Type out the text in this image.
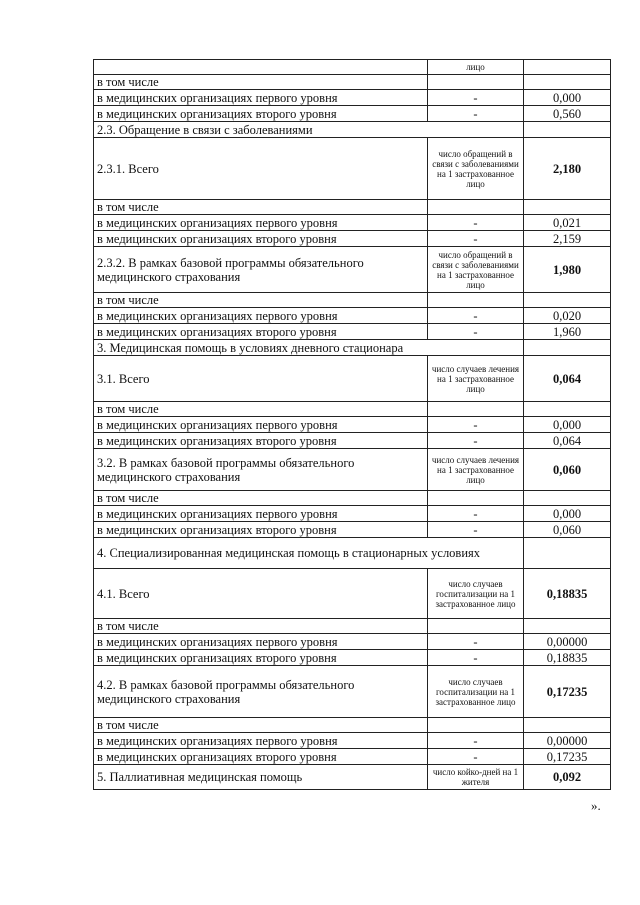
	лицо	
в том числе		
в медицинских организациях первого уровня	-	0,000
в медицинских организациях второго уровня	-	0,560
2.3. Обращение в связи с заболеваниями		
2.3.1. Всего	число обращений в связи с заболеваниями на 1 застрахованное лицо	2,180
в том числе		
в медицинских организациях первого уровня	-	0,021
в медицинских организациях второго уровня	-	2,159
2.3.2. В рамках базовой программы обязательного медицинского страхования	число обращений в связи с заболеваниями на 1 застрахованное лицо	1,980
в том числе		
в медицинских организациях первого уровня	-	0,020
в медицинских организациях второго уровня	-	1,960
3. Медицинская помощь в условиях дневного стационара		
3.1. Всего	число случаев лечения на 1 застрахованное лицо	0,064
в том числе		
в медицинских организациях первого уровня	-	0,000
в медицинских организациях второго уровня	-	0,064
3.2. В рамках базовой программы обязательного медицинского страхования	число случаев лечения на 1 застрахованное лицо	0,060
в том числе		
в медицинских организациях первого уровня	-	0,000
в медицинских организациях второго уровня	-	0,060
4. Специализированная медицинская помощь в стационарных условиях		
4.1. Всего	число случаев госпитализации на 1 застрахованное лицо	0,18835
в том числе		
в медицинских организациях первого уровня	-	0,00000
в медицинских организациях второго уровня	-	0,18835
4.2. В рамках базовой программы обязательного медицинского страхования	число случаев госпитализации на 1 застрахованное лицо	0,17235
в том числе		
в медицинских организациях первого уровня	-	0,00000
в медицинских организациях второго уровня	-	0,17235
5. Паллиативная медицинская помощь	число койко-дней на 1 жителя	0,092
».
